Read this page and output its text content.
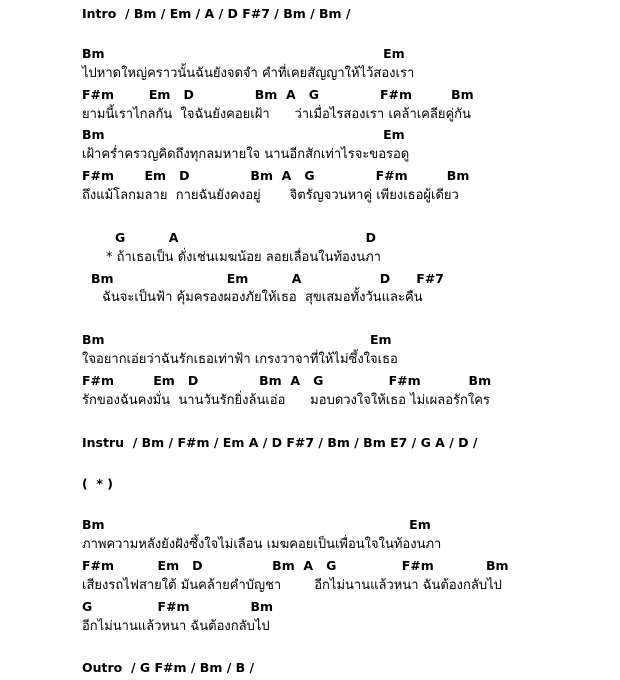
Intro  / Bm / Em / A / D F#7 / Bm / Bm /
Bm                                                                Em
ไปหาดใหญ่คราวนั้นฉันยังจดจำ คำที่เคยสัญญาให้ไว้สองเรา
F#m        Em   D              Bm  A   G              F#m         Bm
ยามนี้เราไกลกัน  ใจฉันยังคอยเฝ้า      ว่าเมื่อไรสองเรา เคล้าเคลียคู่กัน
Bm                                                                Em
เฝ้าคร่ำครวญคิดถึงทุกลมหายใจ นานอีกสักเท่าไรจะขอรอดู
F#m       Em   D              Bm  A   G              F#m         Bm
ถึงแม้โลกมลาย  กายฉันยังคงอยู่       จิตรัญจวนหาคู่ เพียงเธอผู้เดียว
G          A                                           D
* ถ้าเธอเป็น ดั่งเช่นเมฆน้อย ลอยเลื่อนในท้องนภา
Bm                          Em          A                  D      F#7
ฉันจะเป็นฟ้า คุ้มครองผองภัยให้เธอ  สุขเสมอทั้งวันและคืน
Bm                                                             Em
ใจอยากเอ่ยว่าฉันรักเธอเท่าฟ้า เกรงวาจาที่ให้ไม่ซึ้งใจเธอ
F#m         Em   D              Bm  A   G               F#m           Bm
รักของฉันคงมั่น  นานวันรักยิ่งล้นเอ่อ      มอบดวงใจให้เธอ ไม่เผลอรักใคร
Instru  / Bm / F#m / Em A / D F#7 / Bm / Bm E7 / G A / D /
(  * )
Bm                                                                      Em
ภาพความหลังยังฝังซึ้งใจไม่เลือน เมฆคอยเป็นเพื่อนใจในท้องนภา
F#m          Em   D                Bm  A   G               F#m            Bm
เสียงรถไฟสายใต้ มันคล้ายคำบัญชา        อีกไม่นานแล้วหนา ฉันต้องกลับไป
G               F#m              Bm
อีกไม่นานแล้วหนา ฉันต้องกลับไป
Outro  / G F#m / Bm / B /
